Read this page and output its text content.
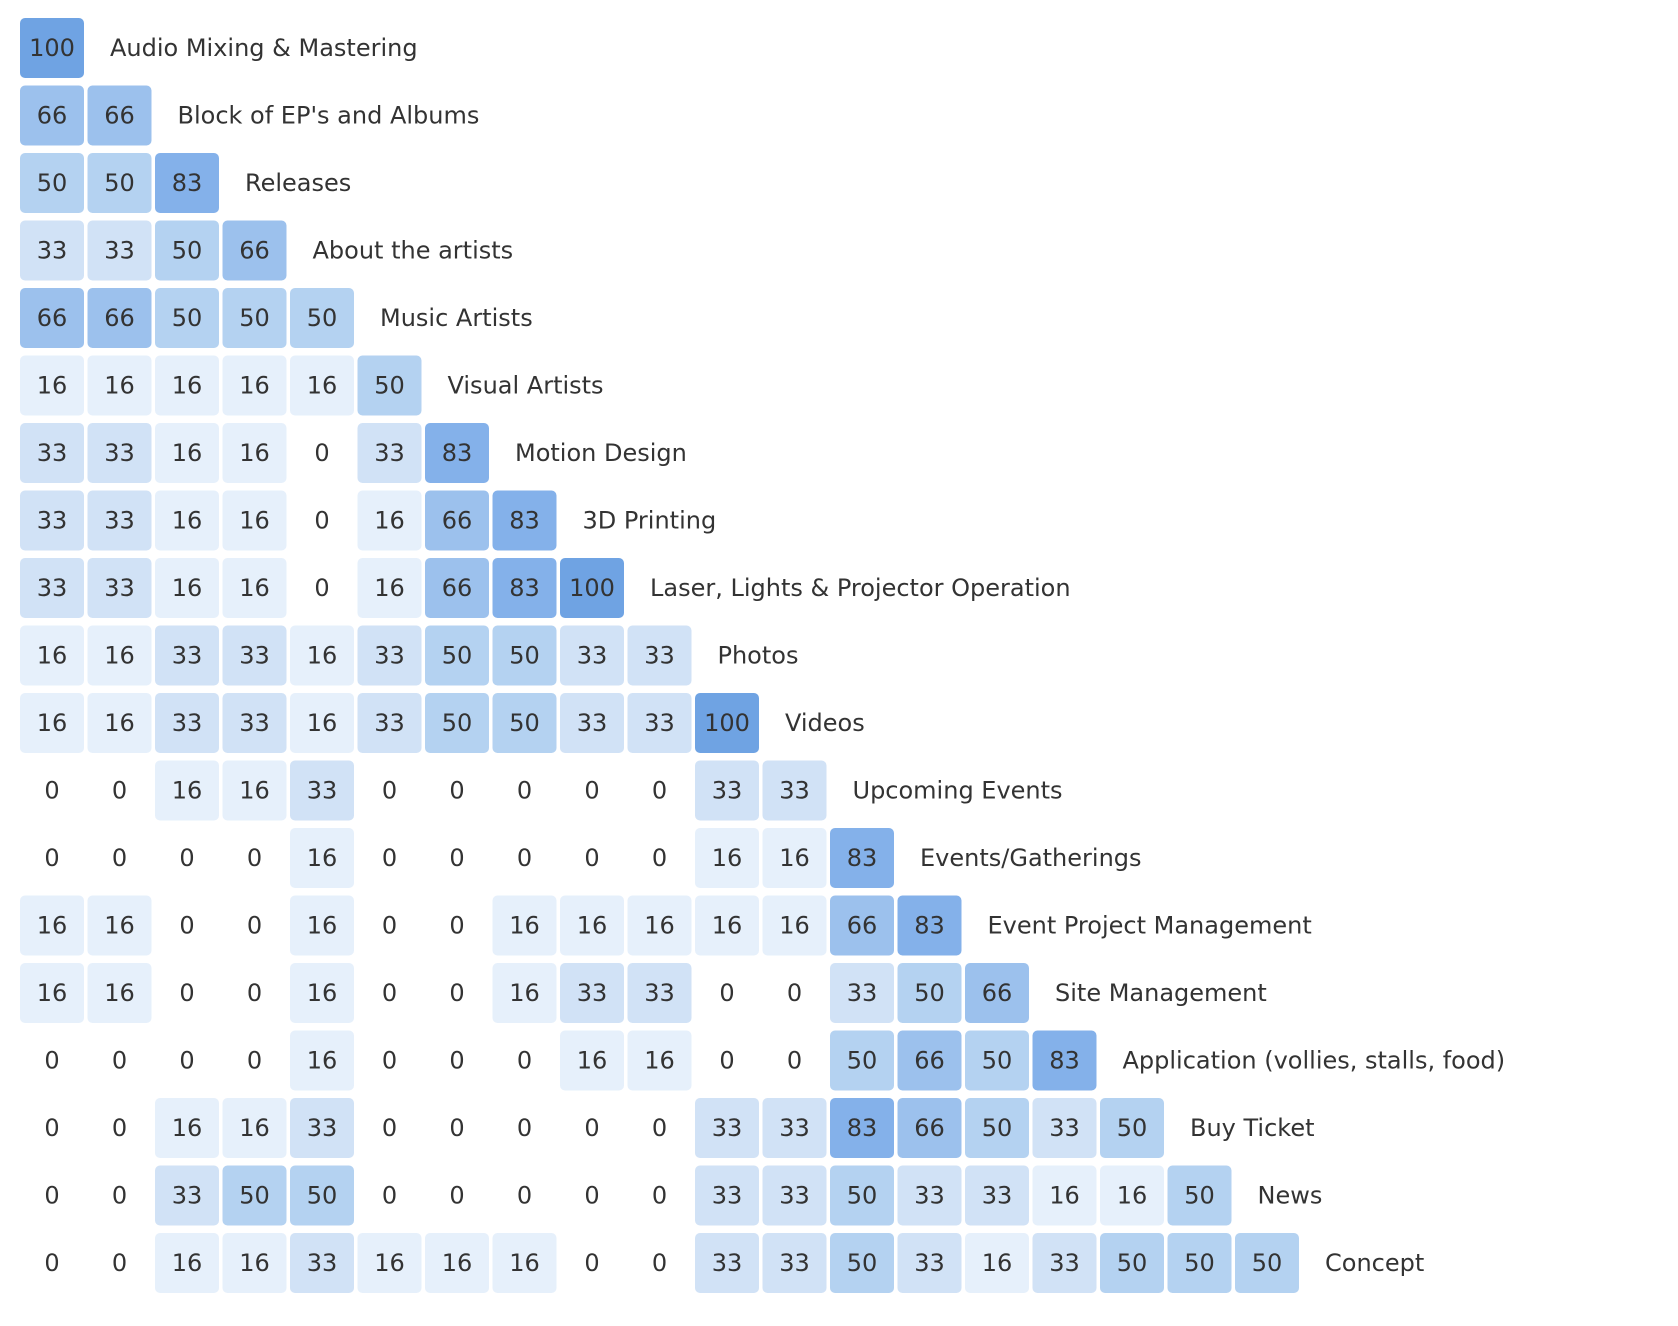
100
66 66
50 50 83
33 33 50 66
66 66 50 50 50
16 16 16 16 16 50
33 33 16 16 0 33 83
33 33 16 16 0 16 66 83
33 33 16 16 0 16 66 83 100
16 16 33 33 16 33 50 50 33 33
16 16 33 33 16 33 50 50 33 33 100
0 0 16 16 33 0 0 0 0 0 33 33
0 0 0 0 16 0 0 0 0 0 16 16 83
16 16 0 0 16 0 0 16 16 16 16 16 66 83
16 16 0 0 16 0 0 16 33 33 0 0 33 50 66
0 0 0 0 16 0 0 0 16 16 0 0 50 66 50 83
0 0 16 16 33 0 0 0 0 0 33 33 83 66 50 33 50
0 0 33 50 50 0 0 0 0 0 33 33 50 33 33 16 16 50
0 0 16 16 33 16 16 16 0 0 33 33 50 33 16 33 50 50 50
Audio Mixing & Mastering
Block of EP's and Albums
Releases
About the artists
Music Artists
Visual Artists
Motion Design
3D Printing
Laser, Lights & Projector Operation
Photos
Videos
Upcoming Events
Events/Gatherings
Event Project Management
Site Management
Application (vollies, stalls, food)
Buy Ticket
News
Concept
